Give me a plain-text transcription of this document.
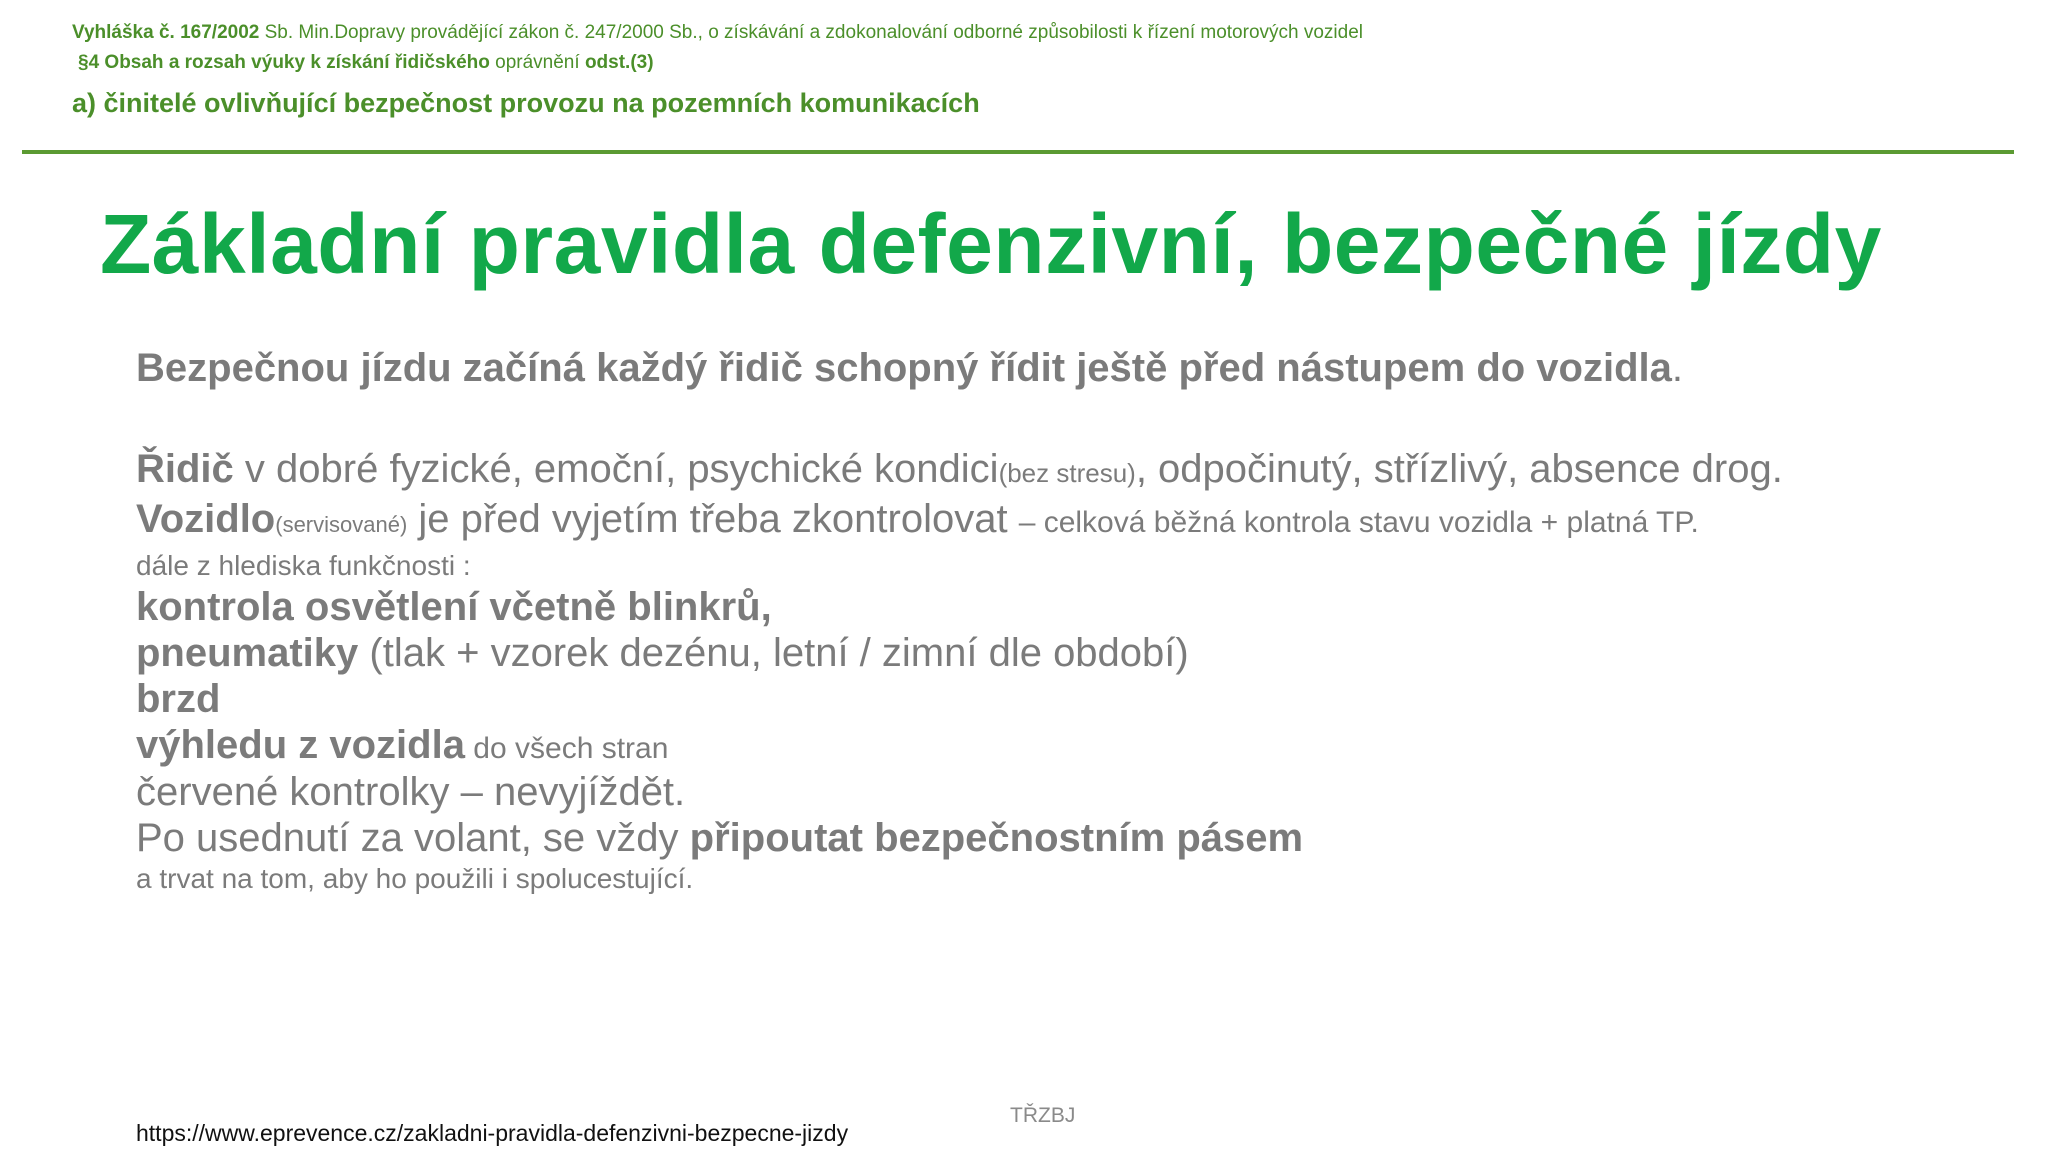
Vyhláška č. 167/2002 Sb. Min.Dopravy provádějící zákon č. 247/2000 Sb., o získávání a zdokonalování odborné způsobilosti k řízení motorových vozidel
§4 Obsah a rozsah výuky k získání řidičského oprávnění odst.(3)
a) činitelé ovlivňující bezpečnost provozu na pozemních komunikacích
Základní pravidla defenzivní, bezpečné jízdy
Bezpečnou jízdu začíná každý řidič schopný řídit ještě před nástupem do vozidla.
Řidič v dobré fyzické, emoční, psychické kondici(bez stresu), odpočinutý, střízlivý, absence drog.
Vozidlo(servisované) je před vyjetím třeba zkontrolovat – celková běžná kontrola stavu vozidla + platná TP.
dále z hlediska funkčnosti :
kontrola osvětlení včetně blinkrů,
pneumatiky (tlak + vzorek dezénu, letní / zimní dle období)
brzd
výhledu z vozidla do všech stran
červené kontrolky – nevyjíždět.
Po usednutí za volant, se vždy připoutat bezpečnostním pásem
a trvat na tom, aby ho použili i spolucestující.
TŘZBJ
https://www.eprevence.cz/zakladni-pravidla-defenzivni-bezpecne-jizdy
